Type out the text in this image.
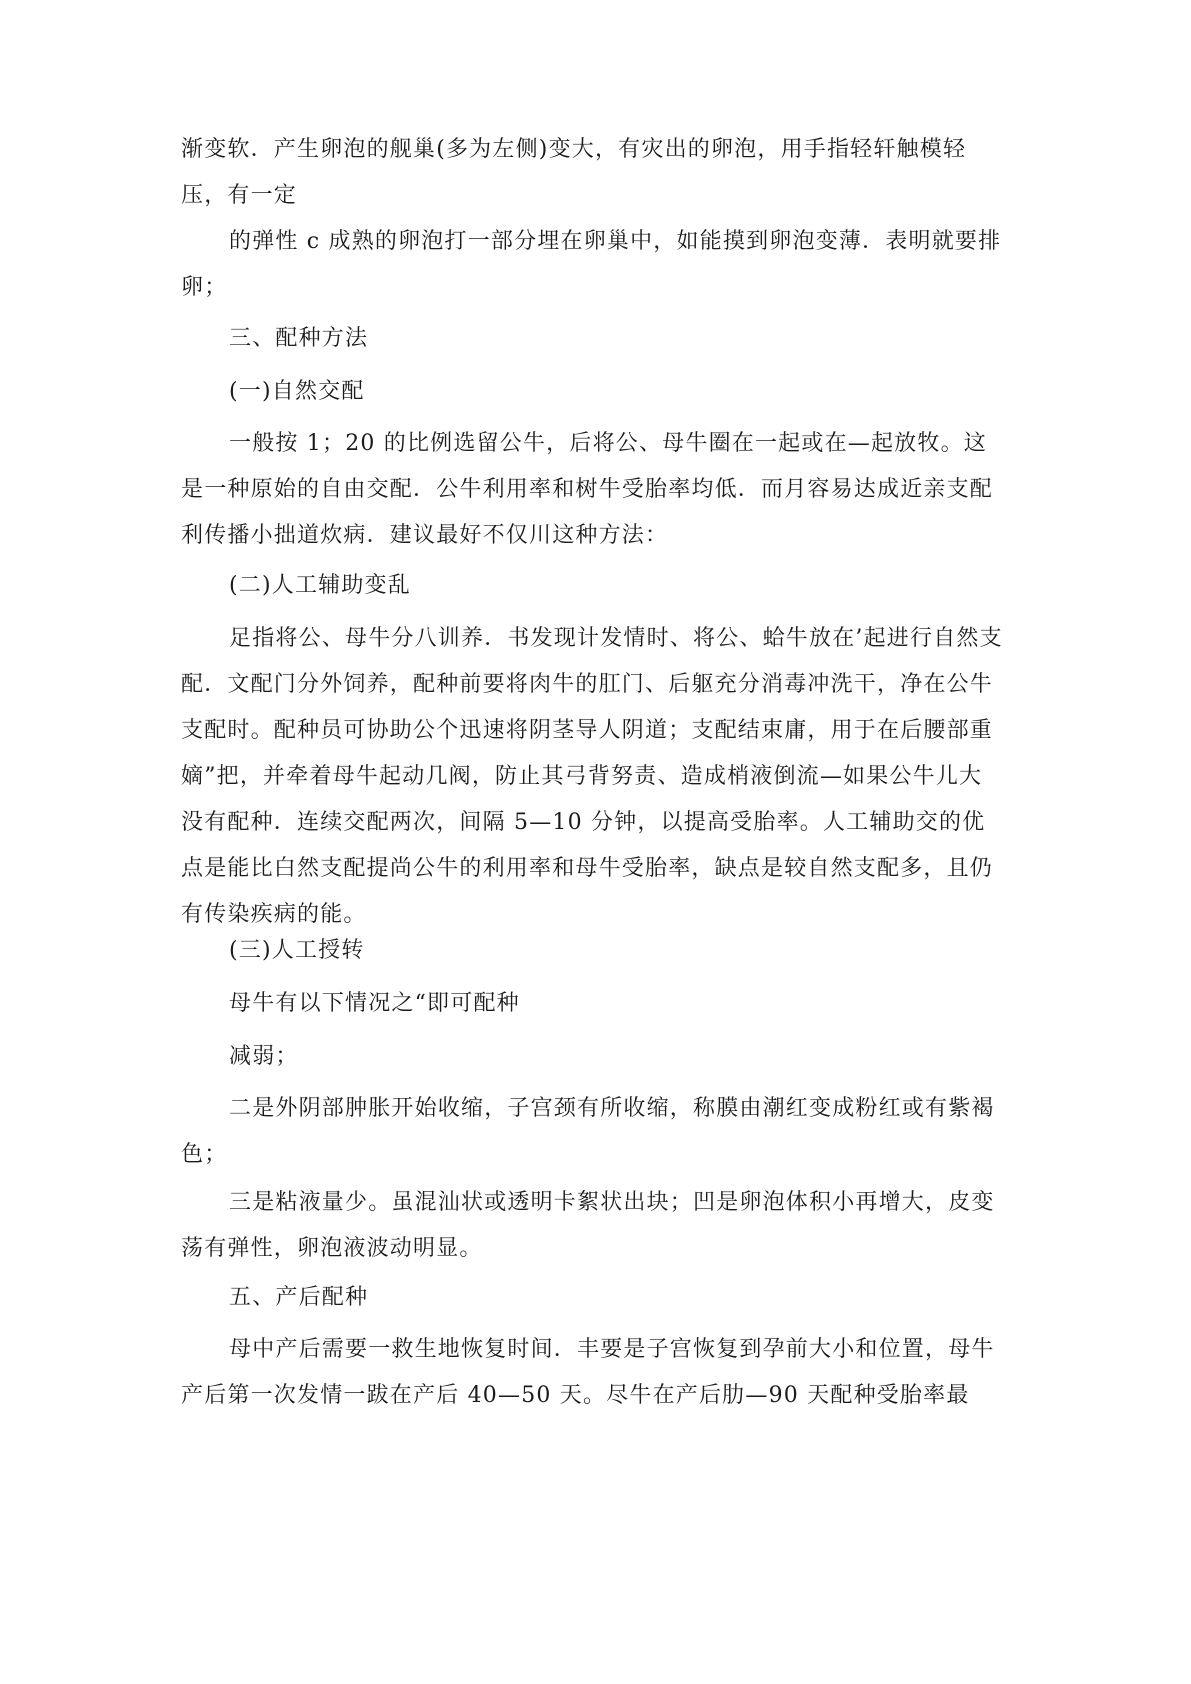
渐变软．产生卵泡的舰巢(多为左侧)变大，有灾出的卵泡，用手指轻轩触模轻压，有一定

的弹性 c 成熟的卵泡打一部分埋在卵巢中，如能摸到卵泡变薄．表明就要排卵；

三、配种方法

(一)自然交配

一般按 1；20 的比例选留公牛，后将公、母牛圈在一起或在—起放牧。这是一种原始的自由交配．公牛利用率和树牛受胎率均低．而月容易达成近亲支配利传播小拙道炊病．建议最好不仅川这种方法：

(二)人工辅助变乱

足指将公、母牛分八训养．书发现计发情时、将公、蛤牛放在’起进行自然支配．文配门分外饲养，配种前要将肉牛的肛门、后躯充分消毒冲洗干，净在公牛支配时。配种员可协助公个迅速将阴茎导人阴道；支配结束庸，用于在后腰部重嫡”把，并牵着母牛起动几阀，防止其弓背努责、造成梢液倒流—如果公牛儿大没有配种．连续交配两次，间隔 5—10 分钟，以提高受胎率。人工辅助交的优点是能比白然支配提尚公牛的利用率和母牛受胎率，缺点是较自然支配多，且仍有传染疾病的能。

(三)人工授转

母牛有以下情况之“即可配种

减弱；

二是外阴部肿胀开始收缩，子宫颈有所收缩，称膜由潮红变成粉红或有紫褐色；

三是粘液量少。虽混汕状或透明卡絮状出块；凹是卵泡体积小再增大，皮变荡有弹性，卵泡液波动明显。

五、产后配种

母中产后需要一救生地恢复时间．丰要是子宫恢复到孕前大小和位置，母牛产后第一次发情一跋在产后 40—50 天。尽牛在产后肋—90 天配种受胎率最
